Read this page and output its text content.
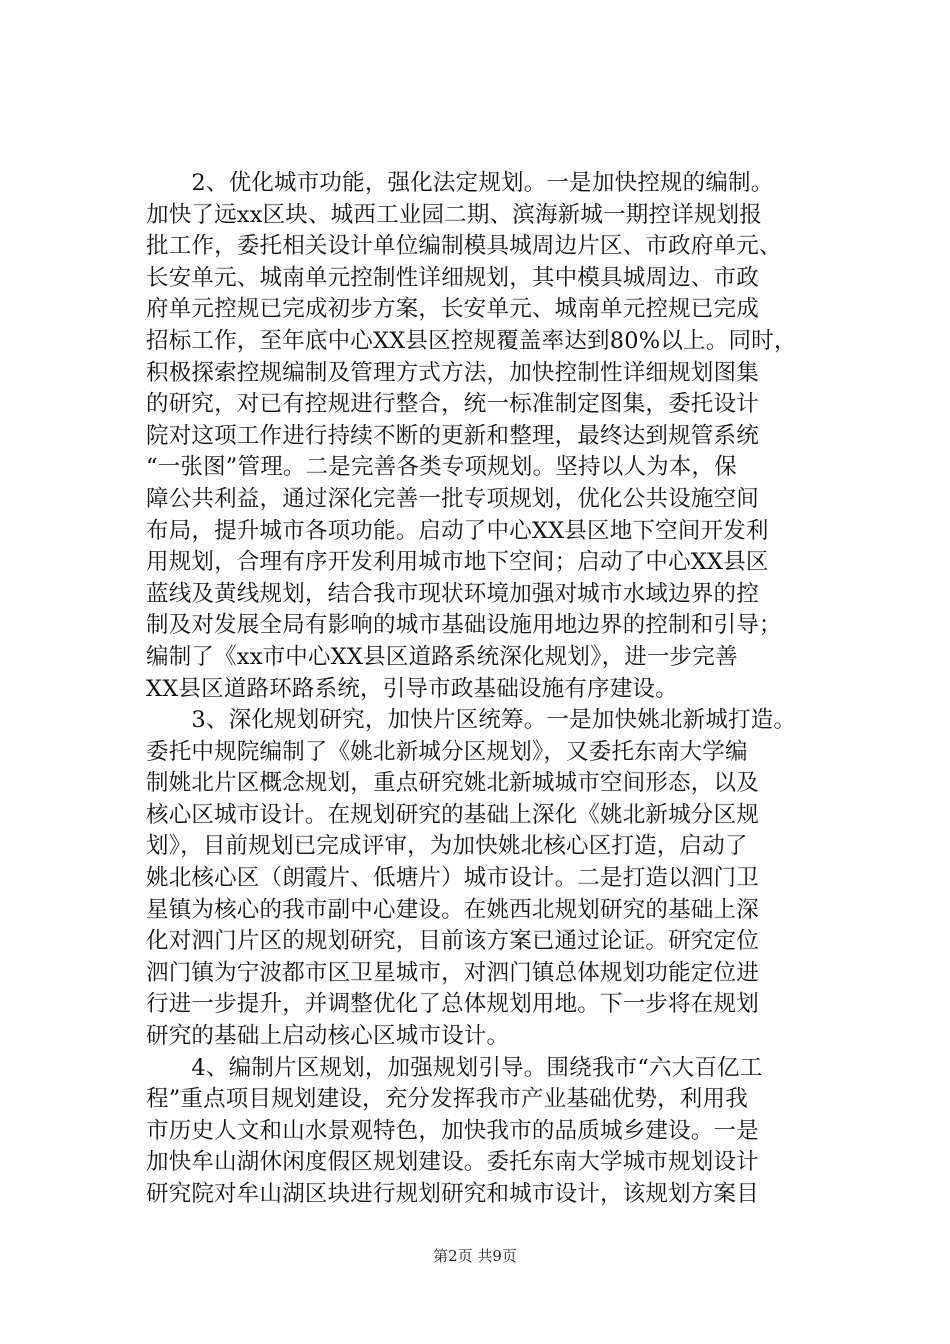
　　2、优化城市功能，强化法定规划。一是加快控规的编制。
加快了远xx区块、城西工业园二期、滨海新城一期控详规划报
批工作，委托相关设计单位编制模具城周边片区、市政府单元、
长安单元、城南单元控制性详细规划，其中模具城周边、市政
府单元控规已完成初步方案，长安单元、城南单元控规已完成
招标工作，至年底中心XX县区控规覆盖率达到80%以上。同时，
积极探索控规编制及管理方式方法，加快控制性详细规划图集
的研究，对已有控规进行整合，统一标准制定图集，委托设计
院对这项工作进行持续不断的更新和整理，最终达到规管系统
“一张图”管理。二是完善各类专项规划。坚持以人为本，保
障公共利益，通过深化完善一批专项规划，优化公共设施空间
布局，提升城市各项功能。启动了中心XX县区地下空间开发利
用规划，合理有序开发利用城市地下空间；启动了中心XX县区
蓝线及黄线规划，结合我市现状环境加强对城市水域边界的控
制及对发展全局有影响的城市基础设施用地边界的控制和引导；
编制了《xx市中心XX县区道路系统深化规划》，进一步完善
XX县区道路环路系统，引导市政基础设施有序建设。
　　3、深化规划研究，加快片区统筹。一是加快姚北新城打造。
委托中规院编制了《姚北新城分区规划》，又委托东南大学编
制姚北片区概念规划，重点研究姚北新城城市空间形态，以及
核心区城市设计。在规划研究的基础上深化《姚北新城分区规
划》，目前规划已完成评审，为加快姚北核心区打造，启动了
姚北核心区（朗霞片、低塘片）城市设计。二是打造以泗门卫
星镇为核心的我市副中心建设。在姚西北规划研究的基础上深
化对泗门片区的规划研究，目前该方案已通过论证。研究定位
泗门镇为宁波都市区卫星城市，对泗门镇总体规划功能定位进
行进一步提升，并调整优化了总体规划用地。下一步将在规划
研究的基础上启动核心区城市设计。
　　4、编制片区规划，加强规划引导。围绕我市“六大百亿工
程”重点项目规划建设，充分发挥我市产业基础优势，利用我
市历史人文和山水景观特色，加快我市的品质城乡建设。一是
加快牟山湖休闲度假区规划建设。委托东南大学城市规划设计
研究院对牟山湖区块进行规划研究和城市设计，该规划方案目
第2页 共9页
